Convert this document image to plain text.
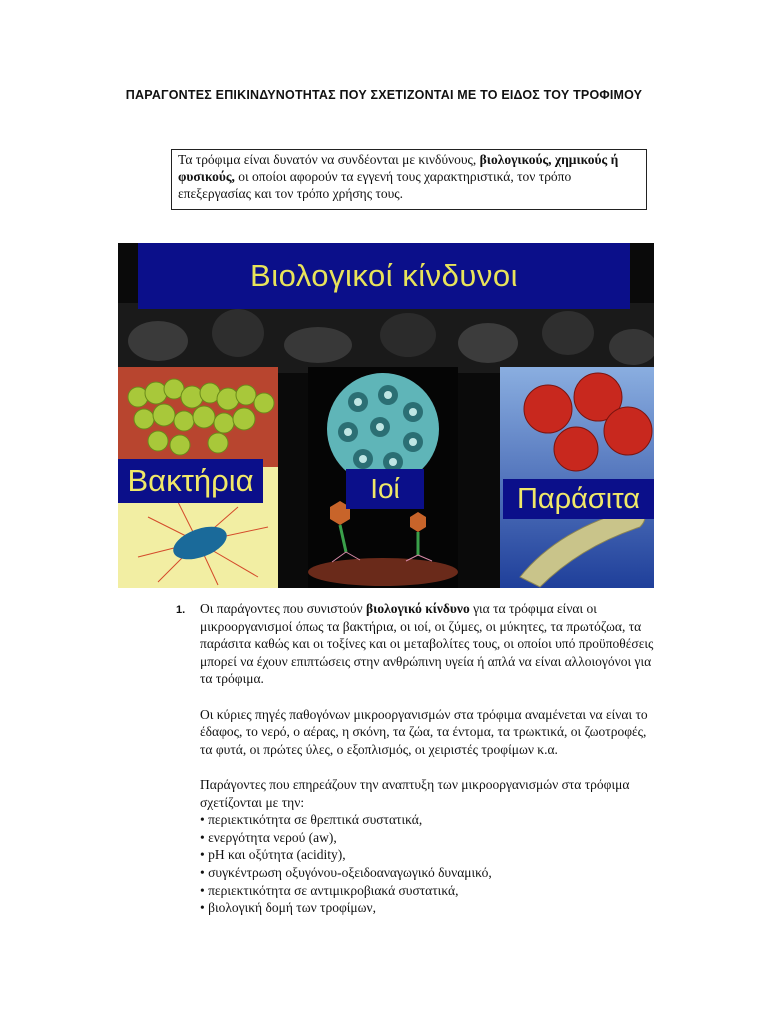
ΠΑΡΑΓΟΝΤΕΣ ΕΠΙΚΙΝΔΥΝΟΤΗΤΑΣ ΠΟΥ ΣΧΕΤΙΖΟΝΤΑΙ ΜΕ ΤΟ ΕΙΔΟΣ ΤΟΥ ΤΡΟΦΙΜΟΥ
Τα τρόφιμα είναι δυνατόν να συνδέονται με κινδύνους, βιολογικούς, χημικούς ή φυσικούς, οι οποίοι αφορούν τα εγγενή τους χαρακτηριστικά, τον τρόπο επεξεργασίας και τον τρόπο χρήσης τους.
Βιολογικοί κίνδυνοι
Βακτήρια	Ιοί	Παράσιτα
1. Οι παράγοντες που συνιστούν βιολογικό κίνδυνο για τα τρόφιμα είναι οι μικροοργανισμοί όπως τα βακτήρια, οι ιοί, οι ζύμες, οι μύκητες, τα πρωτόζωα, τα παράσιτα καθώς και οι τοξίνες και οι μεταβολίτες τους, οι οποίοι υπό προϋποθέσεις μπορεί να έχουν επιπτώσεις στην ανθρώπινη υγεία ή απλά να είναι αλλοιογόνοι για τα τρόφιμα.

Οι κύριες πηγές παθογόνων μικροοργανισμών στα τρόφιμα αναμένεται να είναι το έδαφος, το νερό, ο αέρας, η σκόνη, τα ζώα, τα έντομα, τα τρωκτικά, οι ζωοτροφές, τα φυτά, οι πρώτες ύλες, ο εξοπλισμός, οι χειριστές τροφίμων κ.α.

Παράγοντες που επηρεάζουν την αναπτυξη των μικροοργανισμών στα τρόφιμα σχετίζονται με την:
• περιεκτικότητα σε θρεπτικά συστατικά,
• ενεργότητα νερού (aw),
• pH και οξύτητα (acidity),
• συγκέντρωση οξυγόνου-οξειδοαναγωγικό δυναμικό,
• περιεκτικότητα σε αντιμικροβιακά συστατικά,
• βιολογική δομή των τροφίμων,
